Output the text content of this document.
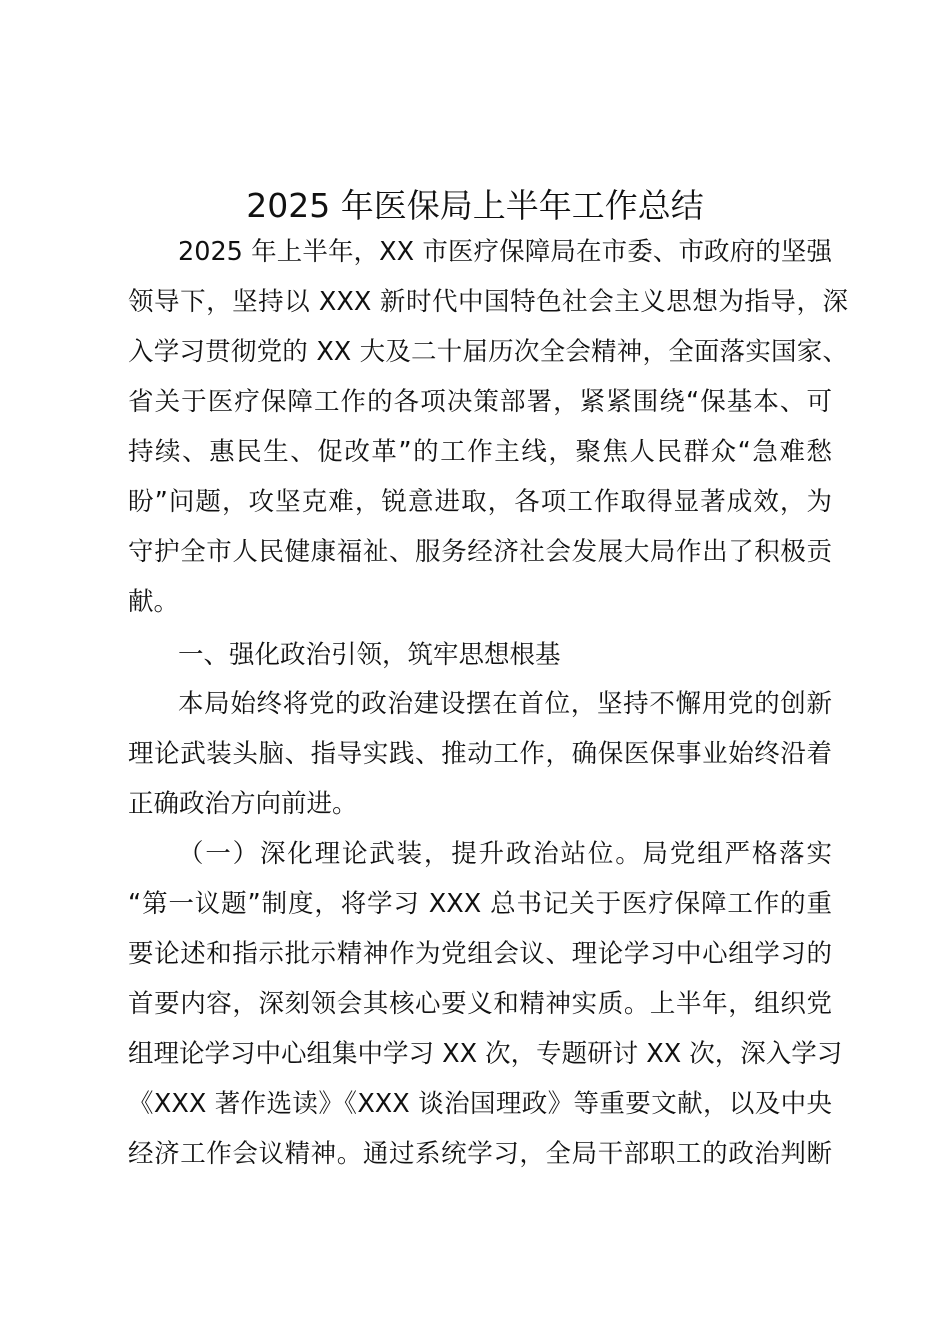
2025 年医保局上半年工作总结

2025 年上半年，XX 市医疗保障局在市委、市政府的坚强

领导下，坚持以 XXX 新时代中国特色社会主义思想为指导，深

入学习贯彻党的 XX 大及二十届历次全会精神，全面落实国家、

省关于医疗保障工作的各项决策部署，紧紧围绕“保基本、可

持续、惠民生、促改革”的工作主线，聚焦人民群众“急难愁

盼”问题，攻坚克难，锐意进取，各项工作取得显著成效，为

守护全市人民健康福祉、服务经济社会发展大局作出了积极贡

献。

一、强化政治引领，筑牢思想根基

本局始终将党的政治建设摆在首位，坚持不懈用党的创新

理论武装头脑、指导实践、推动工作，确保医保事业始终沿着

正确政治方向前进。

（一）深化理论武装，提升政治站位。局党组严格落实

“第一议题”制度，将学习 XXX 总书记关于医疗保障工作的重

要论述和指示批示精神作为党组会议、理论学习中心组学习的

首要内容，深刻领会其核心要义和精神实质。上半年，组织党

组理论学习中心组集中学习 XX 次，专题研讨 XX 次，深入学习

《XXX 著作选读》《XXX 谈治国理政》等重要文献，以及中央

经济工作会议精神。通过系统学习，全局干部职工的政治判断
